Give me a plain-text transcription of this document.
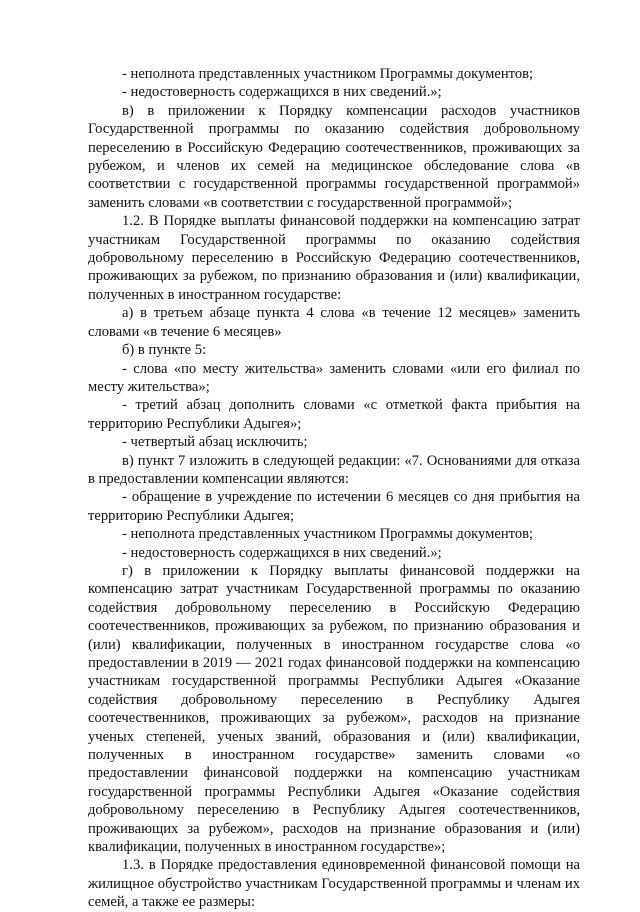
- неполнота представленных участником Программы документов;

- недостоверность содержащихся в них сведений.»;

в) в приложении к Порядку компенсации расходов участников Государственной программы по оказанию содействия добровольному переселению в Российскую Федерацию соотечественников, проживающих за рубежом, и членов их семей на медицинское обследование слова «в соответствии с государственной программы государственной программой» заменить словами «в соответствии с государственной программой»;

1.2. В Порядке выплаты финансовой поддержки на компенсацию затрат участникам Государственной программы по оказанию содействия добровольному переселению в Российскую Федерацию соотечественников, проживающих за рубежом, по признанию образования и (или) квалификации, полученных в иностранном государстве:

а) в третьем абзаце пункта 4 слова «в течение 12 месяцев» заменить словами «в течение 6 месяцев»

б) в пункте 5:

- слова «по месту жительства» заменить словами «или его филиал по месту жительства»;

- третий абзац дополнить словами «с отметкой факта прибытия на территорию Республики Адыгея»;

- четвертый абзац исключить;

в) пункт 7 изложить в следующей редакции: «7. Основаниями для отказа в предоставлении компенсации являются:

- обращение в учреждение по истечении 6 месяцев со дня прибытия на территорию Республики Адыгея;

- неполнота представленных участником Программы документов;

- недостоверность содержащихся в них сведений.»;

г) в приложении к Порядку выплаты финансовой поддержки на компенсацию затрат участникам Государственной программы по оказанию содействия добровольному переселению в Российскую Федерацию соотечественников, проживающих за рубежом, по признанию образования и (или) квалификации, полученных в иностранном государстве слова «о предоставлении в 2019 — 2021 годах финансовой поддержки на компенсацию участникам государственной программы Республики Адыгея «Оказание содействия добровольному переселению в Республику Адыгея соотечественников, проживающих за рубежом», расходов на признание ученых степеней, ученых званий, образования и (или) квалификации, полученных в иностранном государстве» заменить словами «о предоставлении финансовой поддержки на компенсацию участникам государственной программы Республики Адыгея «Оказание содействия добровольному переселению в Республику Адыгея соотечественников, проживающих за рубежом», расходов на признание образования и (или) квалификации, полученных в иностранном государстве»;

1.3. в Порядке предоставления единовременной финансовой помощи на жилищное обустройство участникам Государственной программы и членам их семей, а также ее размеры:
